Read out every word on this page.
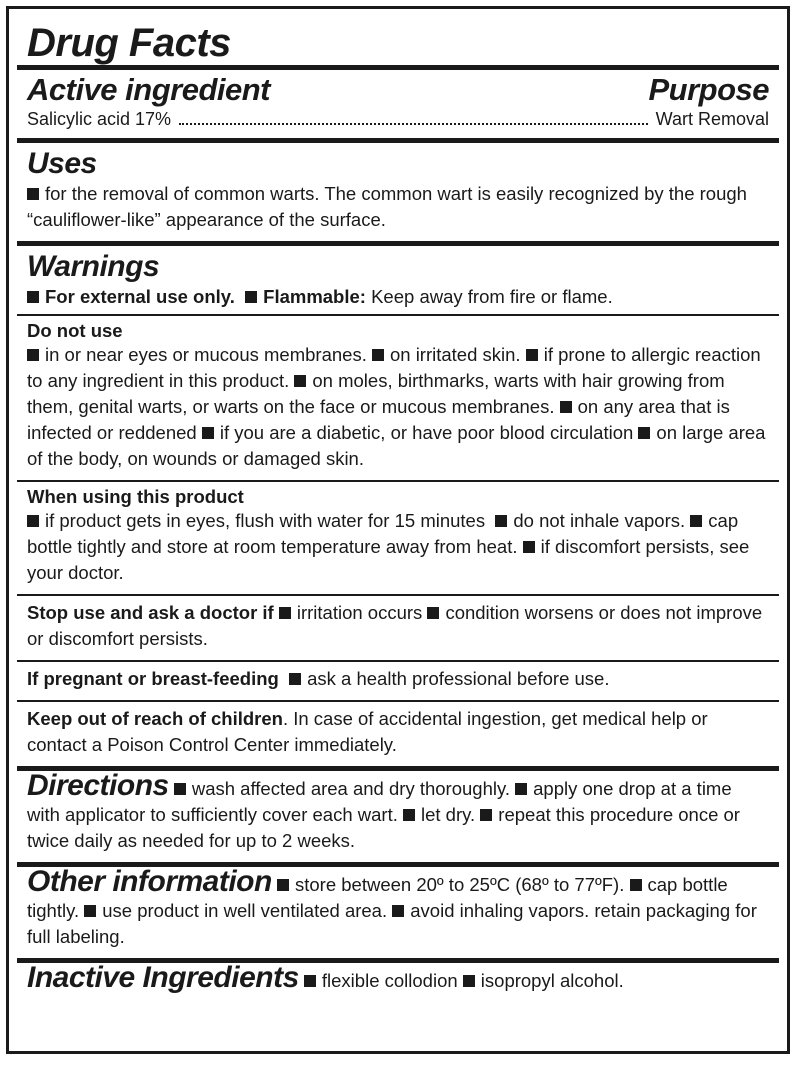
Drug Facts
Active ingredient	Purpose
Salicylic acid 17%	Wart Removal
Uses

for the removal of common warts. The common wart is easily recognized by the rough “cauliflower-like” appearance of the surface.

Warnings

For external use only. Flammable: Keep away from fire or flame.

Do not use

in or near eyes or mucous membranes. on irritated skin. if prone to allergic reaction to any ingredient in this product. on moles, birthmarks, warts with hair growing from them, genital warts, or warts on the face or mucous membranes. on any area that is infected or reddened if you are a diabetic, or have poor blood circulation on large area of the body, on wounds or damaged skin.

When using this product

if product gets in eyes, flush with water for 15 minutes do not inhale vapors. cap bottle tightly and store at room temperature away from heat. if discomfort persists, see your doctor.

Stop use and ask a doctor if irritation occurs condition worsens or does not improve or discomfort persists.

If pregnant or breast-feeding ask a health professional before use.

Keep out of reach of children. In case of accidental ingestion, get medical help or contact a Poison Control Center immediately.

Directions wash affected area and dry thoroughly. apply one drop at a time with applicator to sufficiently cover each wart. let dry. repeat this procedure once or twice daily as needed for up to 2 weeks.

Other information store between 20º to 25ºC (68º to 77ºF). cap bottle tightly. use product in well ventilated area. avoid inhaling vapors. retain packaging for full labeling.

Inactive Ingredients flexible collodion isopropyl alcohol.
